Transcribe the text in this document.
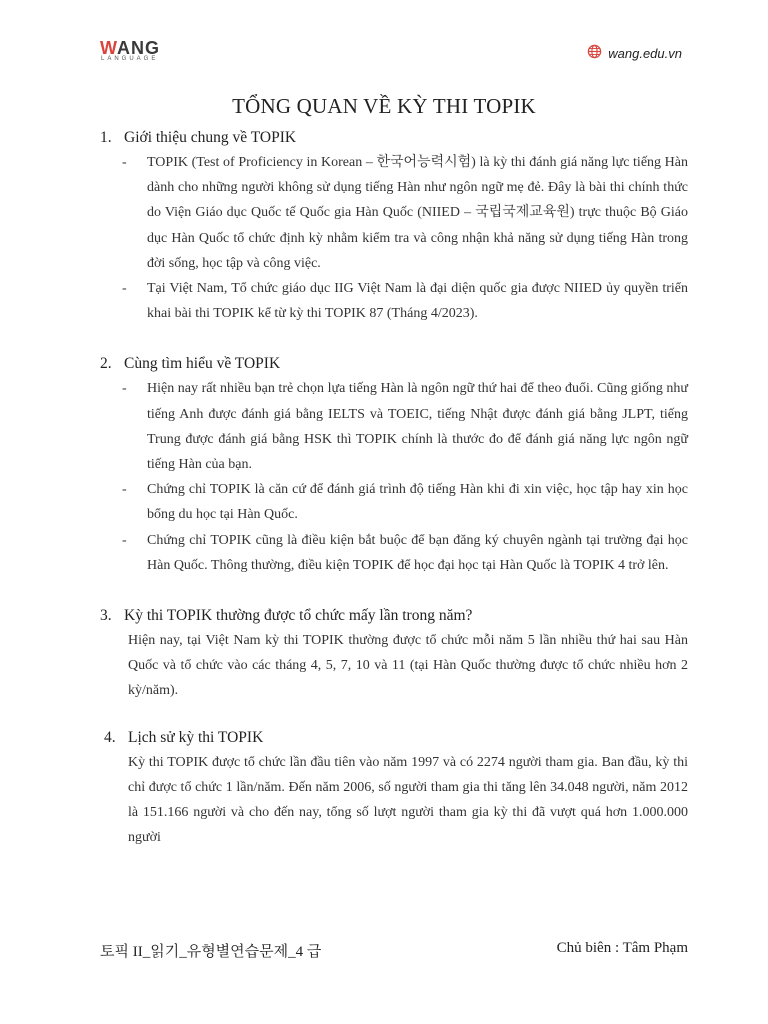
WANG
LANGUAGE	wang.edu.vn
TỔNG QUAN VỀ KỲ THI TOPIK
1. Giới thiệu chung về TOPIK
- TOPIK (Test of Proficiency in Korean – 한국어능력시험) là kỳ thi đánh giá năng lực tiếng Hàn dành cho những người không sử dụng tiếng Hàn như ngôn ngữ mẹ đẻ. Đây là bài thi chính thức do Viện Giáo dục Quốc tế Quốc gia Hàn Quốc (NIIED – 국립국제교육원) trực thuộc Bộ Giáo dục Hàn Quốc tổ chức định kỳ nhằm kiểm tra và công nhận khả năng sử dụng tiếng Hàn trong đời sống, học tập và công việc.
- Tại Việt Nam, Tổ chức giáo dục IIG Việt Nam là đại diện quốc gia được NIIED ủy quyền triển khai bài thi TOPIK kể từ kỳ thi TOPIK 87 (Tháng 4/2023).
2. Cùng tìm hiểu về TOPIK
- Hiện nay rất nhiều bạn trẻ chọn lựa tiếng Hàn là ngôn ngữ thứ hai để theo đuổi. Cũng giống như tiếng Anh được đánh giá bằng IELTS và TOEIC, tiếng Nhật được đánh giá bằng JLPT, tiếng Trung được đánh giá bằng HSK thì TOPIK chính là thước đo để đánh giá năng lực ngôn ngữ tiếng Hàn của bạn.
- Chứng chỉ TOPIK là căn cứ để đánh giá trình độ tiếng Hàn khi đi xin việc, học tập hay xin học bổng du học tại Hàn Quốc.
- Chứng chỉ TOPIK cũng là điều kiện bắt buộc để bạn đăng ký chuyên ngành tại trường đại học Hàn Quốc. Thông thường, điều kiện TOPIK để học đại học tại Hàn Quốc là TOPIK 4 trở lên.
3. Kỳ thi TOPIK thường được tổ chức mấy lần trong năm?
Hiện nay, tại Việt Nam kỳ thi TOPIK thường được tổ chức mỗi năm 5 lần nhiều thứ hai sau Hàn Quốc và tổ chức vào các tháng 4, 5, 7, 10 và 11 (tại Hàn Quốc thường được tổ chức nhiều hơn 2 kỳ/năm).
4. Lịch sử kỳ thi TOPIK
Kỳ thi TOPIK được tổ chức lần đầu tiên vào năm 1997 và có 2274 người tham gia. Ban đầu, kỳ thi chỉ được tổ chức 1 lần/năm. Đến năm 2006, số người tham gia thi tăng lên 34.048 người, năm 2012 là 151.166 người và cho đến nay, tổng số lượt người tham gia kỳ thi đã vượt quá hơn 1.000.000 người
토픽 II_읽기_유형별연습문제_4 급	Chủ biên : Tâm Phạm
